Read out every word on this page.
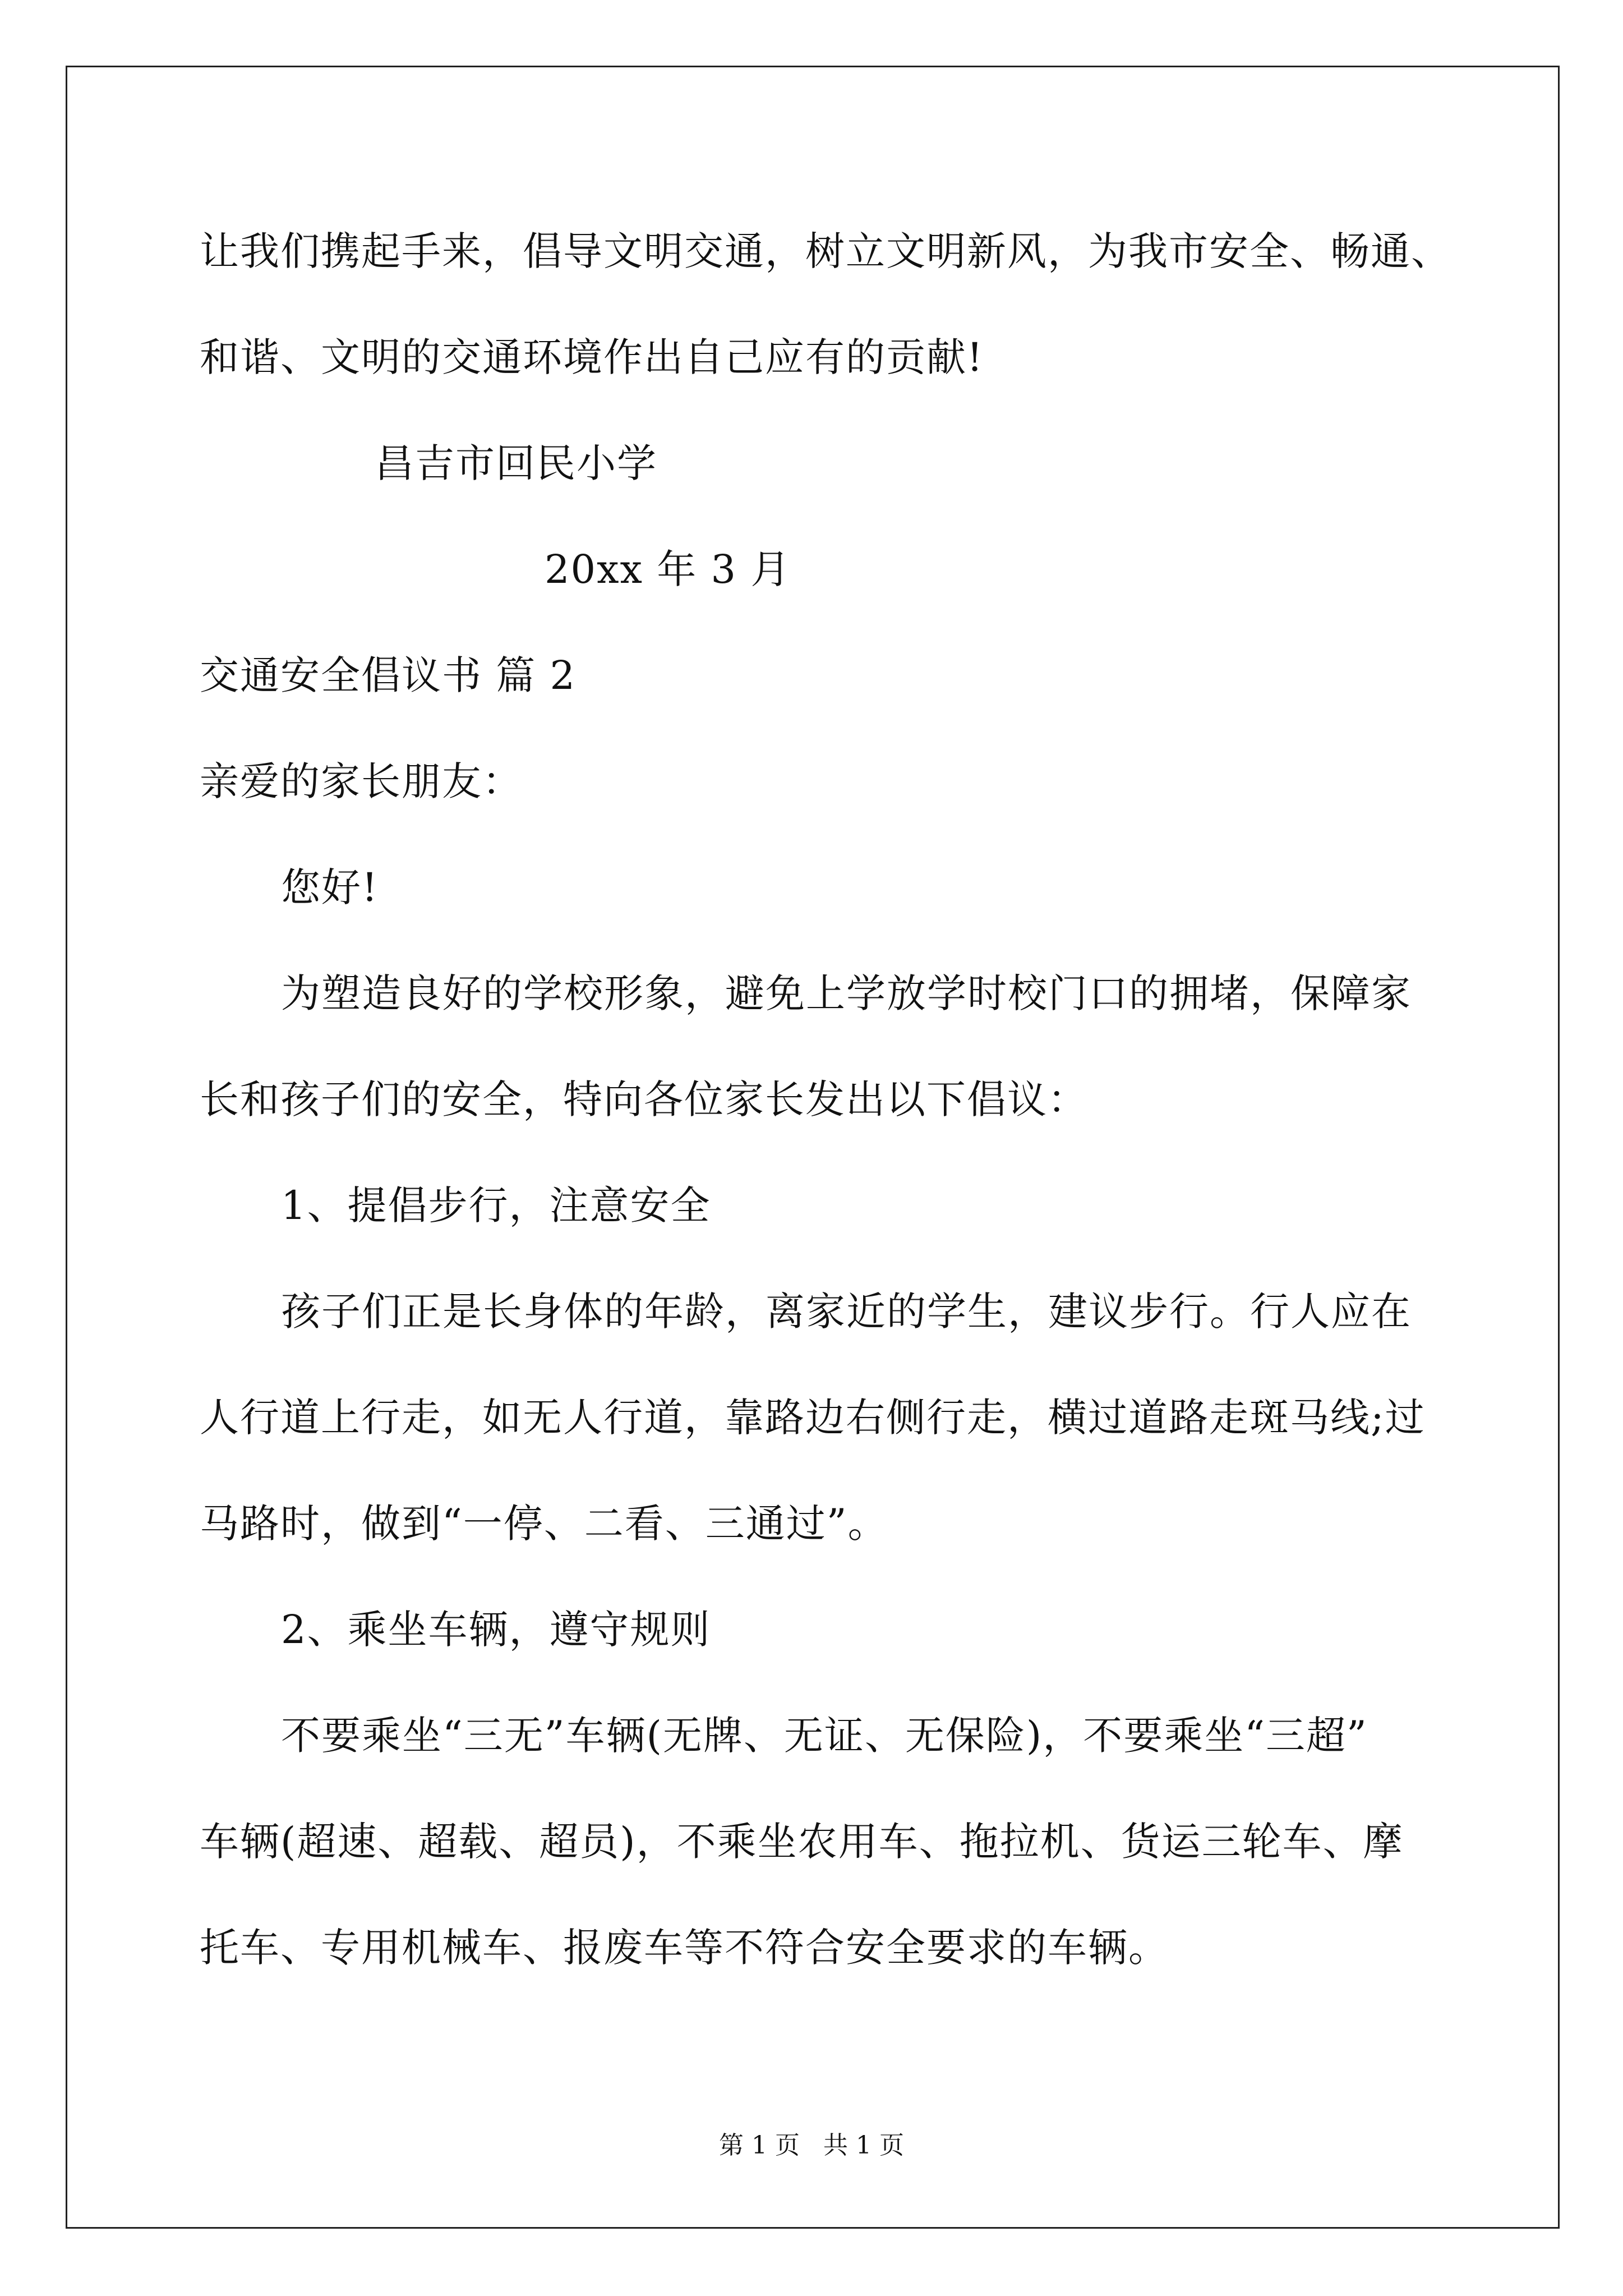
让我们携起手来，倡导文明交通，树立文明新风，为我市安全、畅通、
和谐、文明的交通环境作出自己应有的贡献!
昌吉市回民小学
20xx 年 3 月
交通安全倡议书 篇 2
亲爱的家长朋友：
您好!
为塑造良好的学校形象，避免上学放学时校门口的拥堵，保障家
长和孩子们的安全，特向各位家长发出以下倡议：
1、提倡步行，注意安全
孩子们正是长身体的年龄，离家近的学生，建议步行。行人应在
人行道上行走，如无人行道，靠路边右侧行走，横过道路走斑马线;过
马路时，做到“一停、二看、三通过”。
2、乘坐车辆，遵守规则
不要乘坐“三无”车辆(无牌、无证、无保险)，不要乘坐“三超”
车辆(超速、超载、超员)，不乘坐农用车、拖拉机、货运三轮车、摩
托车、专用机械车、报废车等不符合安全要求的车辆。
第 1 页   共 1 页
